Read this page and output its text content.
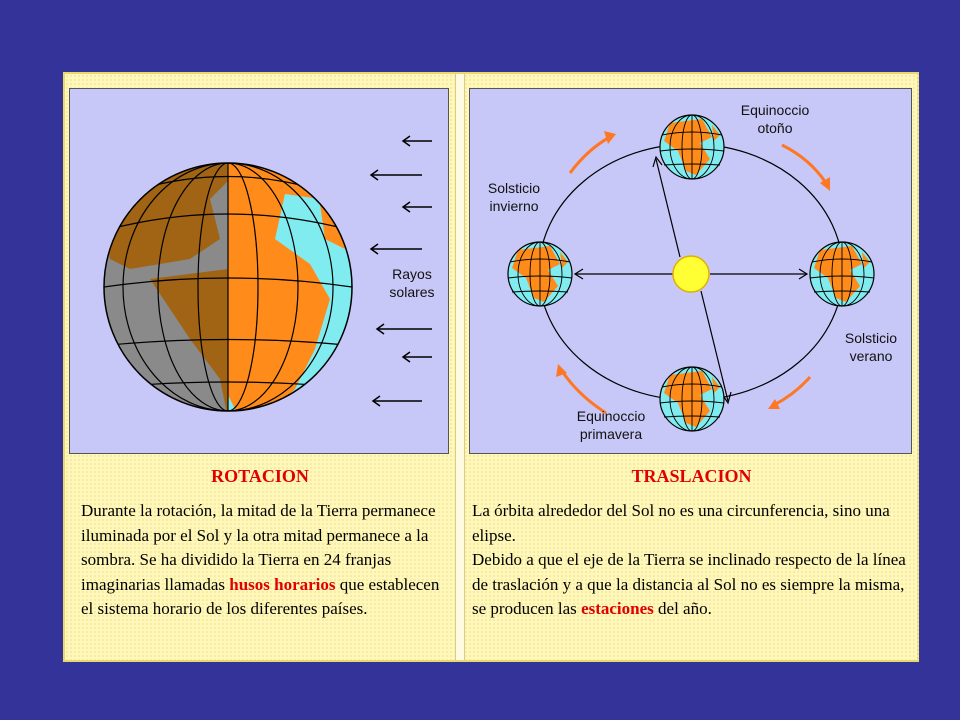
Rayos
solares
ROTACION
Durante la rotación, la mitad de la Tierra permanece iluminada por el Sol y la otra mitad permanece a la sombra. Se ha dividido la Tierra en 24 franjas imaginarias llamadas husos horarios que establecen el sistema horario de los diferentes países.
Equinoccio
otoño
Solsticio
invierno
Solsticio
verano
Equinoccio
primavera
TRASLACION
La órbita alrededor del Sol no es una circunferencia, sino una elipse.
Debido a que el eje de la Tierra se inclinado respecto de la línea de traslación y a que la distancia al Sol no es siempre la misma, se producen las estaciones del año.
